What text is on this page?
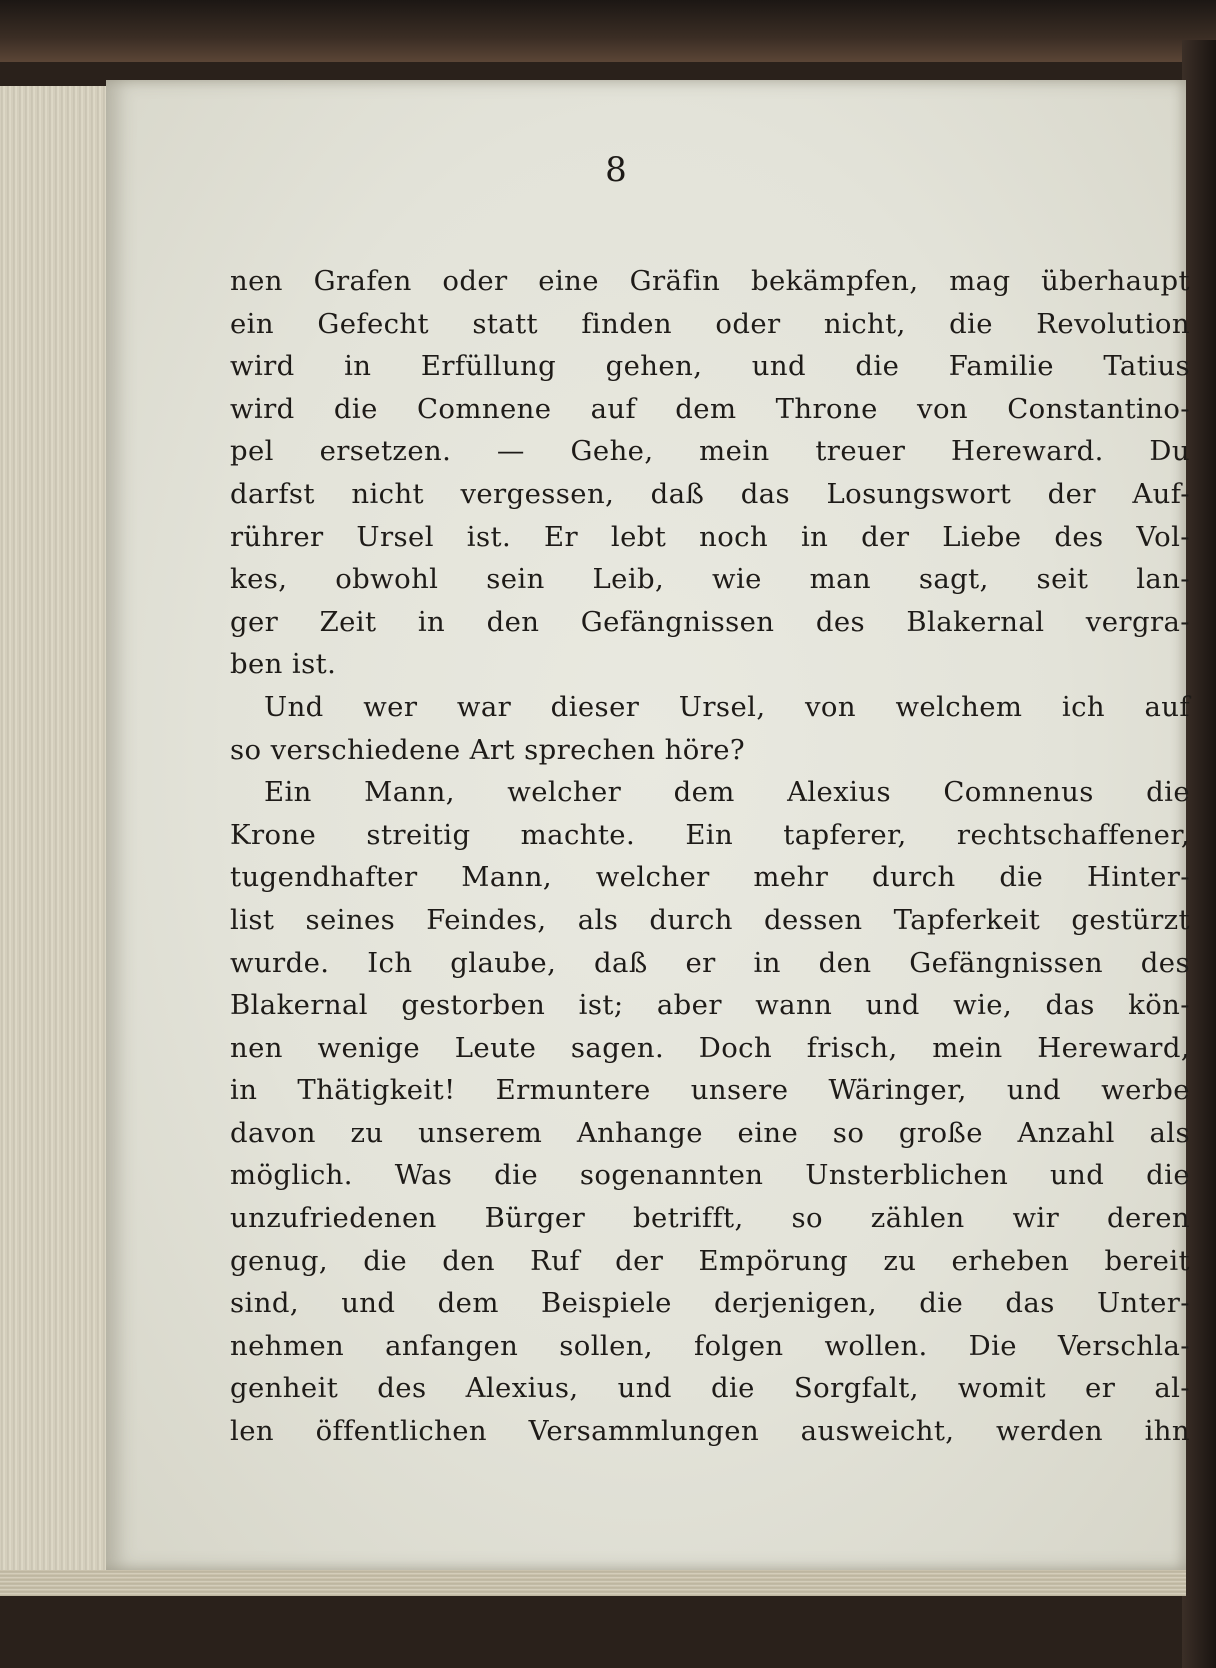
8
nen Grafen oder eine Gräfin bekämpfen, mag überhaupt
ein Gefecht statt finden oder nicht, die Revolution
wird in Erfüllung gehen, und die Familie Tatius
wird die Comnene auf dem Throne von Constantino-
pel ersetzen. — Gehe, mein treuer Hereward. Du
darfst nicht vergessen, daß das Losungswort der Auf-
rührer Ursel ist. Er lebt noch in der Liebe des Vol-
kes, obwohl sein Leib, wie man sagt, seit lan-
ger Zeit in den Gefängnissen des Blakernal vergra-
ben ist.
Und wer war dieser Ursel, von welchem ich auf
so verschiedene Art sprechen höre?
Ein Mann, welcher dem Alexius Comnenus die
Krone streitig machte. Ein tapferer, rechtschaffener,
tugendhafter Mann, welcher mehr durch die Hinter-
list seines Feindes, als durch dessen Tapferkeit gestürzt
wurde. Ich glaube, daß er in den Gefängnissen des
Blakernal gestorben ist; aber wann und wie, das kön-
nen wenige Leute sagen. Doch frisch, mein Hereward,
in Thätigkeit! Ermuntere unsere Wäringer, und werbe
davon zu unserem Anhange eine so große Anzahl als
möglich. Was die sogenannten Unsterblichen und die
unzufriedenen Bürger betrifft, so zählen wir deren
genug, die den Ruf der Empörung zu erheben bereit
sind, und dem Beispiele derjenigen, die das Unter-
nehmen anfangen sollen, folgen wollen. Die Verschla-
genheit des Alexius, und die Sorgfalt, womit er al-
len öffentlichen Versammlungen ausweicht, werden ihn
